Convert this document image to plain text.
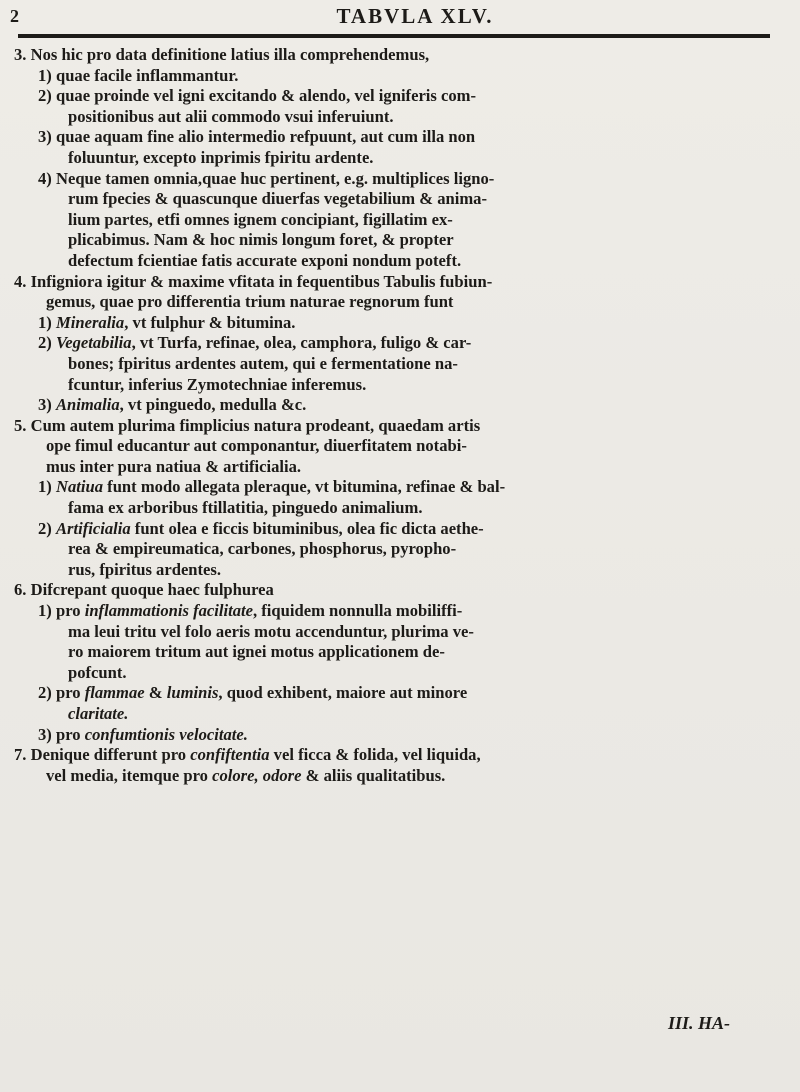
2	TABVLA XLV.

3. Nos hic pro data definitione latius illa comprehendemus,

1) quae facile inflammantur.

2) quae proinde vel igni excitando & alendo, vel igniferis com-
positionibus aut alii commodo vsui inferuiunt.

3) quae aquam fine alio intermedio refpuunt, aut cum illa non
foluuntur, excepto inprimis fpiritu ardente.

4) Neque tamen omnia,quae huc pertinent, e.g. multiplices ligno-
rum fpecies & quascunque diuerfas vegetabilium & anima-
lium partes, etfi omnes ignem concipiant, figillatim ex-
plicabimus. Nam & hoc nimis longum foret, & propter
defectum fcientiae fatis accurate exponi nondum poteft.

4. Infigniora igitur & maxime vfitata in fequentibus Tabulis fubiun-
gemus, quae pro differentia trium naturae regnorum funt

1) Mineralia, vt fulphur & bitumina.

2) Vegetabilia, vt Turfa, refinae, olea, camphora, fuligo & car-
bones; fpiritus ardentes autem, qui e fermentatione na-
fcuntur, inferius Zymotechniae inferemus.

3) Animalia, vt pinguedo, medulla &c.

5. Cum autem plurima fimplicius natura prodeant, quaedam artis
ope fimul educantur aut componantur, diuerfitatem notabi-
mus inter pura natiua & artificialia.

1) Natiua funt modo allegata pleraque, vt bitumina, refinae & bal-
fama ex arboribus ftillatitia, pinguedo animalium.

2) Artificialia funt olea e ficcis bituminibus, olea fic dicta aethe-
rea & empireumatica, carbones, phosphorus, pyropho-
rus, fpiritus ardentes.

6. Difcrepant quoque haec fulphurea

1) pro inflammationis facilitate, fiquidem nonnulla mobiliffi-
ma leui tritu vel folo aeris motu accenduntur, plurima ve-
ro maiorem tritum aut ignei motus applicationem de-
pofcunt.

2) pro flammae & luminis, quod exhibent, maiore aut minore
claritate.

3) pro confumtionis velocitate.

7. Denique differunt pro confiftentia vel ficca & folida, vel liquida,
vel media, itemque pro colore, odore & aliis qualitatibus.

III. HA-
